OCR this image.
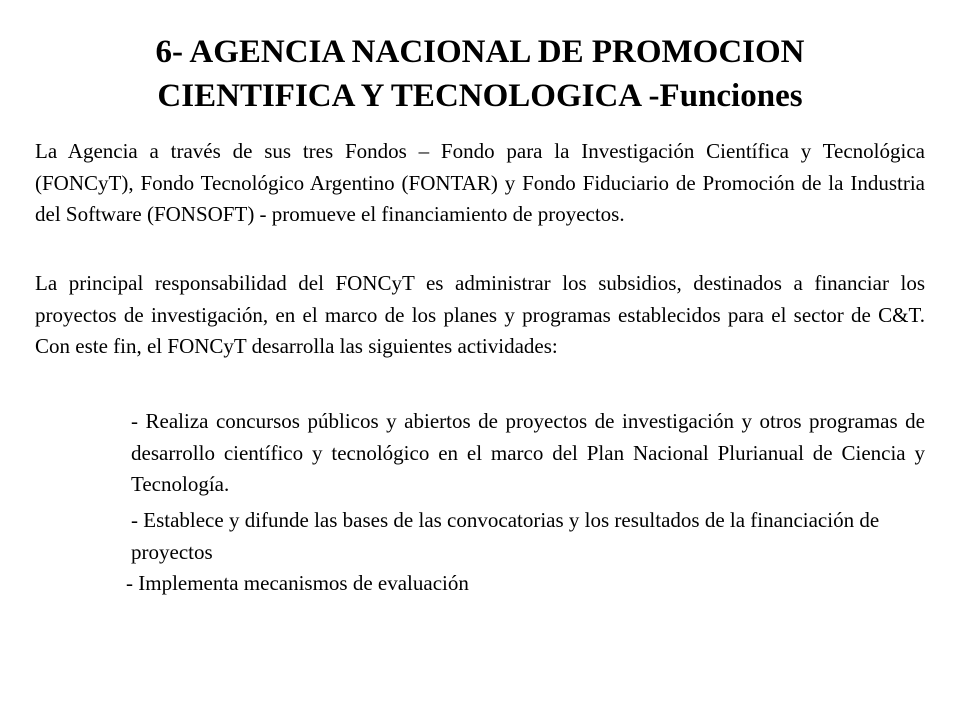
6- AGENCIA NACIONAL DE PROMOCION
CIENTIFICA Y TECNOLOGICA -Funciones

La Agencia a través de sus tres Fondos – Fondo para la Investigación Científica y Tecnológica (FONCyT), Fondo Tecnológico Argentino (FONTAR) y Fondo Fiduciario de Promoción de la Industria del Software (FONSOFT) - promueve el financiamiento de proyectos.

La principal responsabilidad del FONCyT es administrar los subsidios, destinados a financiar los proyectos de investigación, en el marco de los planes y programas establecidos para el sector de C&T. Con este fin, el FONCyT desarrolla las siguientes actividades:

- Realiza concursos públicos y abiertos de proyectos de investigación y otros programas de desarrollo científico y tecnológico en el marco del Plan Nacional Plurianual de Ciencia y Tecnología.

- Establece y difunde las bases de las convocatorias y los resultados de la financiación de proyectos

- Implementa mecanismos de evaluación
